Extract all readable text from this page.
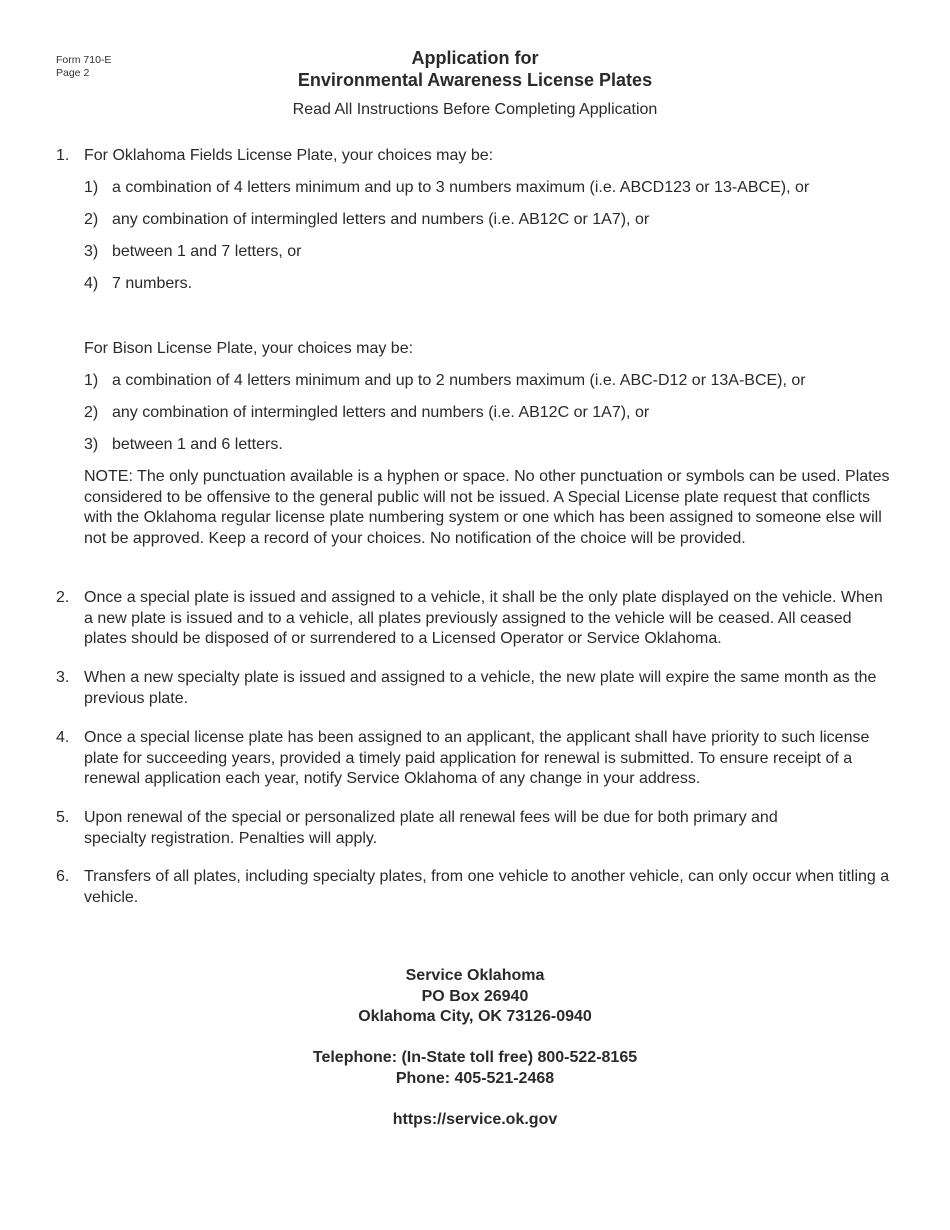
Form 710-E
Page 2
Application for
Environmental Awareness License Plates
Read All Instructions Before Completing Application
1. For Oklahoma Fields License Plate, your choices may be:
1) a combination of 4 letters minimum and up to 3 numbers maximum (i.e. ABCD123 or 13-ABCE), or
2) any combination of intermingled letters and numbers (i.e. AB12C or 1A7), or
3) between 1 and 7 letters, or
4) 7 numbers.
For Bison License Plate, your choices may be:
1) a combination of 4 letters minimum and up to 2 numbers maximum (i.e. ABC-D12 or 13A-BCE), or
2) any combination of intermingled letters and numbers (i.e. AB12C or 1A7), or
3) between 1 and 6 letters.
NOTE: The only punctuation available is a hyphen or space. No other punctuation or symbols can be used. Plates considered to be offensive to the general public will not be issued. A Special License plate request that conflicts with the Oklahoma regular license plate numbering system or one which has been assigned to someone else will not be approved. Keep a record of your choices. No notification of the choice will be provided.
2. Once a special plate is issued and assigned to a vehicle, it shall be the only plate displayed on the vehicle. When a new plate is issued and to a vehicle, all plates previously assigned to the vehicle will be ceased. All ceased plates should be disposed of or surrendered to a Licensed Operator or Service Oklahoma.
3. When a new specialty plate is issued and assigned to a vehicle, the new plate will expire the same month as the previous plate.
4. Once a special license plate has been assigned to an applicant, the applicant shall have priority to such license plate for succeeding years, provided a timely paid application for renewal is submitted. To ensure receipt of a renewal application each year, notify Service Oklahoma of any change in your address.
5. Upon renewal of the special or personalized plate all renewal fees will be due for both primary and specialty registration. Penalties will apply.
6. Transfers of all plates, including specialty plates, from one vehicle to another vehicle, can only occur when titling a vehicle.
Service Oklahoma
PO Box 26940
Oklahoma City, OK 73126-0940
Telephone: (In-State toll free) 800-522-8165
Phone: 405-521-2468
https://service.ok.gov
